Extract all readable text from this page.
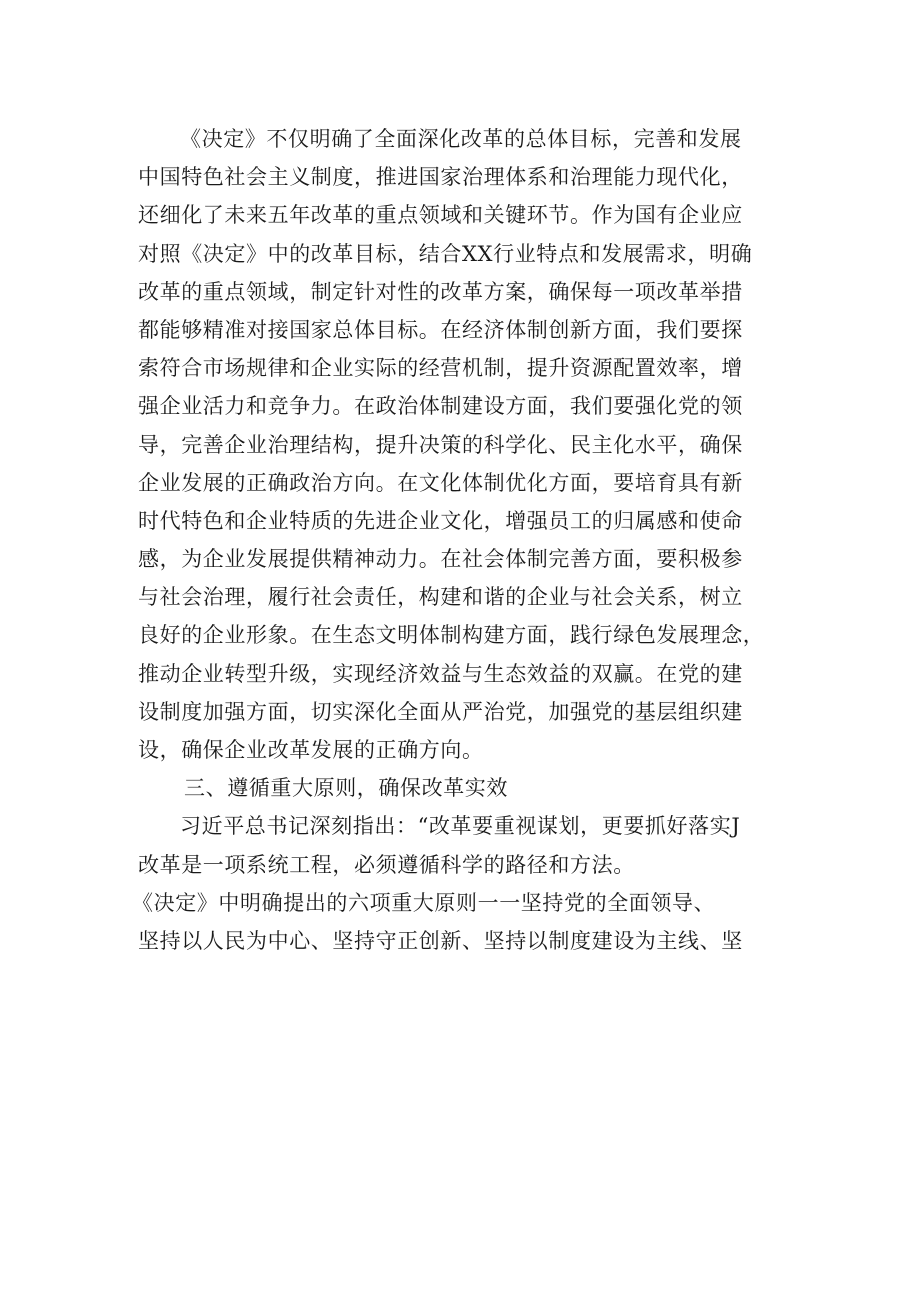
《决定》不仅明确了全面深化改革的总体目标，完善和发展
中国特色社会主义制度，推进国家治理体系和治理能力现代化，
还细化了未来五年改革的重点领域和关键环节。作为国有企业应
对照《决定》中的改革目标，结合XX行业特点和发展需求，明确
改革的重点领域，制定针对性的改革方案，确保每一项改革举措
都能够精准对接国家总体目标。在经济体制创新方面，我们要探
索符合市场规律和企业实际的经营机制，提升资源配置效率，增
强企业活力和竞争力。在政治体制建设方面，我们要强化党的领
导，完善企业治理结构，提升决策的科学化、民主化水平，确保
企业发展的正确政治方向。在文化体制优化方面，要培育具有新
时代特色和企业特质的先进企业文化，增强员工的归属感和使命
感，为企业发展提供精神动力。在社会体制完善方面，要积极参
与社会治理，履行社会责任，构建和谐的企业与社会关系，树立
良好的企业形象。在生态文明体制构建方面，践行绿色发展理念，
推动企业转型升级，实现经济效益与生态效益的双赢。在党的建
设制度加强方面，切实深化全面从严治党，加强党的基层组织建
设，确保企业改革发展的正确方向。
三、遵循重大原则，确保改革实效
习近平总书记深刻指出：“改革要重视谋划，更要抓好落实J
改革是一项系统工程，必须遵循科学的路径和方法。
《决定》中明确提出的六项重大原则一一坚持党的全面领导、
坚持以人民为中心、坚持守正创新、坚持以制度建设为主线、坚
